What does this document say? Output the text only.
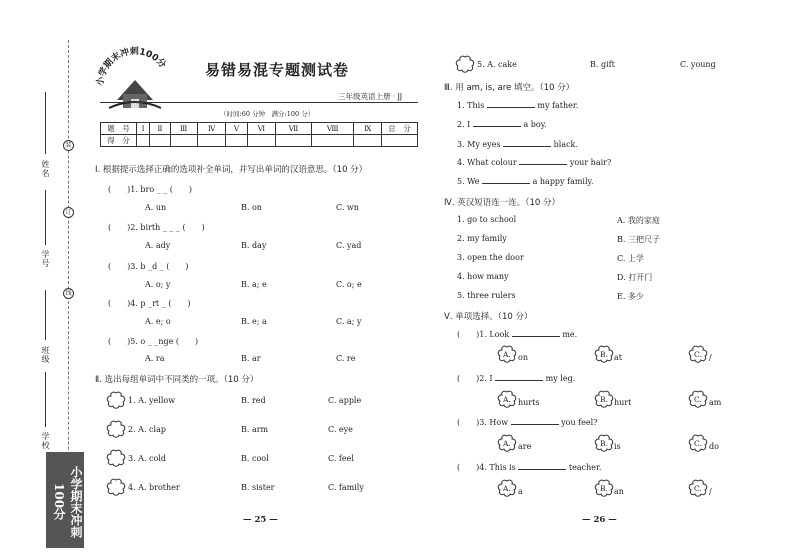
装
订
线
姓名
学号
班级
学校
小学期末冲刺100分
小学期末冲刺100分	易错易混专题测试卷
三年级英语上册 · JJ
（时间:60 分钟　满分:100 分）
题　号	Ⅰ	Ⅱ	Ⅲ	Ⅳ	Ⅴ	Ⅵ	Ⅶ	Ⅷ	Ⅸ	总　分
得　分										
Ⅰ. 根据提示选择正确的选项补全单词，并写出单词的汉语意思。（10 分）
(　　)1. bro _ _ (　　)
A. un	B. on	C. wn
(　　)2. birth _ _ _ (　　)
A. ady	B. day	C. yad
(　　)3. b _d _ (　　)
A. o; y	B. a; e	C. o; e
(　　)4. p _rt _ (　　)
A. e; o	B. e; a	C. a; y
(　　)5. o _ _nge (　　)
A. ra	B. ar	C. re
Ⅱ. 选出每组单词中不同类的一项。（10 分）
1. A. yellow	B. red	C. apple
2. A. clap	B. arm	C. eye
3. A. cold	B. cool	C. feel
4. A. brother	B. sister	C. family
— 25 —
5. A. cake	B. gift	C. young
Ⅲ. 用 am, is, are 填空。（10 分）
1. This	my father.
2. I	a boy.
3. My eyes	black.
4. What colour	your hair?
5. We	a happy family.
Ⅳ. 英汉短语连一连。（10 分）
1. go to school	A. 我的家庭
2. my family	B. 三把尺子
3. open the door	C. 上学
4. how many	D. 打开门
5. three rulers	E. 多少
Ⅴ. 单项选择。（10 分）
(　　)1. Look	me.
A. on	B. at	C. /
(　　)2. I	my leg.
A. hurts	B. hurt	C. am
(　　)3. How	you feel?
A. are	B. is	C. do
(　　)4. This is	teacher.
A. a	B. an	C. /
— 26 —
